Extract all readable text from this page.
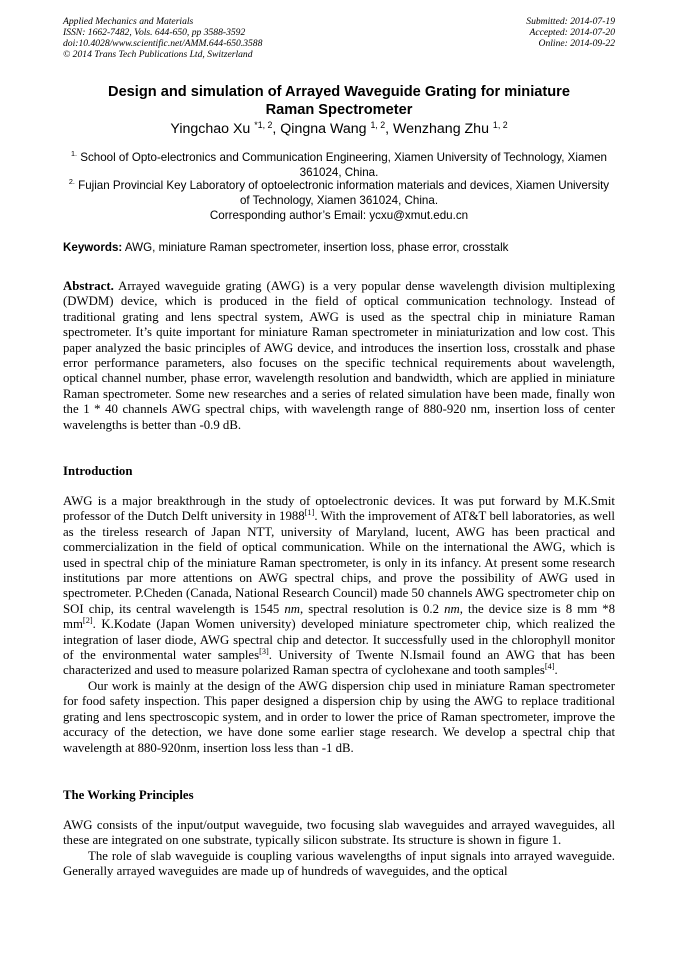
Applied Mechanics and Materials
ISSN: 1662-7482, Vols. 644-650, pp 3588-3592
doi:10.4028/www.scientific.net/AMM.644-650.3588
© 2014 Trans Tech Publications Ltd, Switzerland
Submitted: 2014-07-19
Accepted: 2014-07-20
Online: 2014-09-22
Design and simulation of Arrayed Waveguide Grating for miniature
Raman Spectrometer
Yingchao Xu $^{*1, 2}$, Qingna Wang $^{1, 2}$, Wenzhang Zhu $^{1, 2}$
$^{1.}$ School of Opto-electronics and Communication Engineering, Xiamen University of Technology, Xiamen 361024, China.
$^{2.}$ Fujian Provincial Key Laboratory of optoelectronic information materials and devices, Xiamen University of Technology, Xiamen 361024, China.
Corresponding author’s Email: ycxu@xmut.edu.cn
Keywords: AWG, miniature Raman spectrometer, insertion loss, phase error, crosstalk
Abstract. Arrayed waveguide grating (AWG) is a very popular dense wavelength division multiplexing (DWDM) device, which is produced in the field of optical communication technology. Instead of traditional grating and lens spectral system, AWG is used as the spectral chip in miniature Raman spectrometer. It’s quite important for miniature Raman spectrometer in miniaturization and low cost. This paper analyzed the basic principles of AWG device, and introduces the insertion loss, crosstalk and phase error performance parameters, also focuses on the specific technical requirements about wavelength, optical channel number, phase error, wavelength resolution and bandwidth, which are applied in miniature Raman spectrometer. Some new researches and a series of related simulation have been made, finally won the 1 * 40 channels AWG spectral chips, with wavelength range of 880-920 nm, insertion loss of center wavelengths is better than -0.9 dB.
Introduction

AWG is a major breakthrough in the study of optoelectronic devices. It was put forward by M.K.Smit professor of the Dutch Delft university in 1988[1]. With the improvement of AT&T bell laboratories, as well as the tireless research of Japan NTT, university of Maryland, lucent, AWG has been practical and commercialization in the field of optical communication. While on the international the AWG, which is used in spectral chip of the miniature Raman spectrometer, is only in its infancy. At present some research institutions par more attentions on AWG spectral chips, and prove the possibility of AWG used in spectrometer. P.Cheden (Canada, National Research Council) made 50 channels AWG spectrometer chip on SOI chip, its central wavelength is 1545 nm, spectral resolution is 0.2 nm, the device size is 8 mm *8 mm[2]. K.Kodate (Japan Women university) developed miniature spectrometer chip, which realized the integration of laser diode, AWG spectral chip and detector. It successfully used in the chlorophyll monitor of the environmental water samples[3]. University of Twente N.Ismail found an AWG that has been characterized and used to measure polarized Raman spectra of cyclohexane and tooth samples[4].

Our work is mainly at the design of the AWG dispersion chip used in miniature Raman spectrometer for food safety inspection. This paper designed a dispersion chip by using the AWG to replace traditional grating and lens spectroscopic system, and in order to lower the price of Raman spectrometer, improve the accuracy of the detection, we have done some earlier stage research. We develop a spectral chip that wavelength at 880-920nm, insertion loss less than -1 dB.

The Working Principles

AWG consists of the input/output waveguide, two focusing slab waveguides and arrayed waveguides, all these are integrated on one substrate, typically silicon substrate. Its structure is shown in figure 1.

The role of slab waveguide is coupling various wavelengths of input signals into arrayed waveguide. Generally arrayed waveguides are made up of hundreds of waveguides, and the optical
